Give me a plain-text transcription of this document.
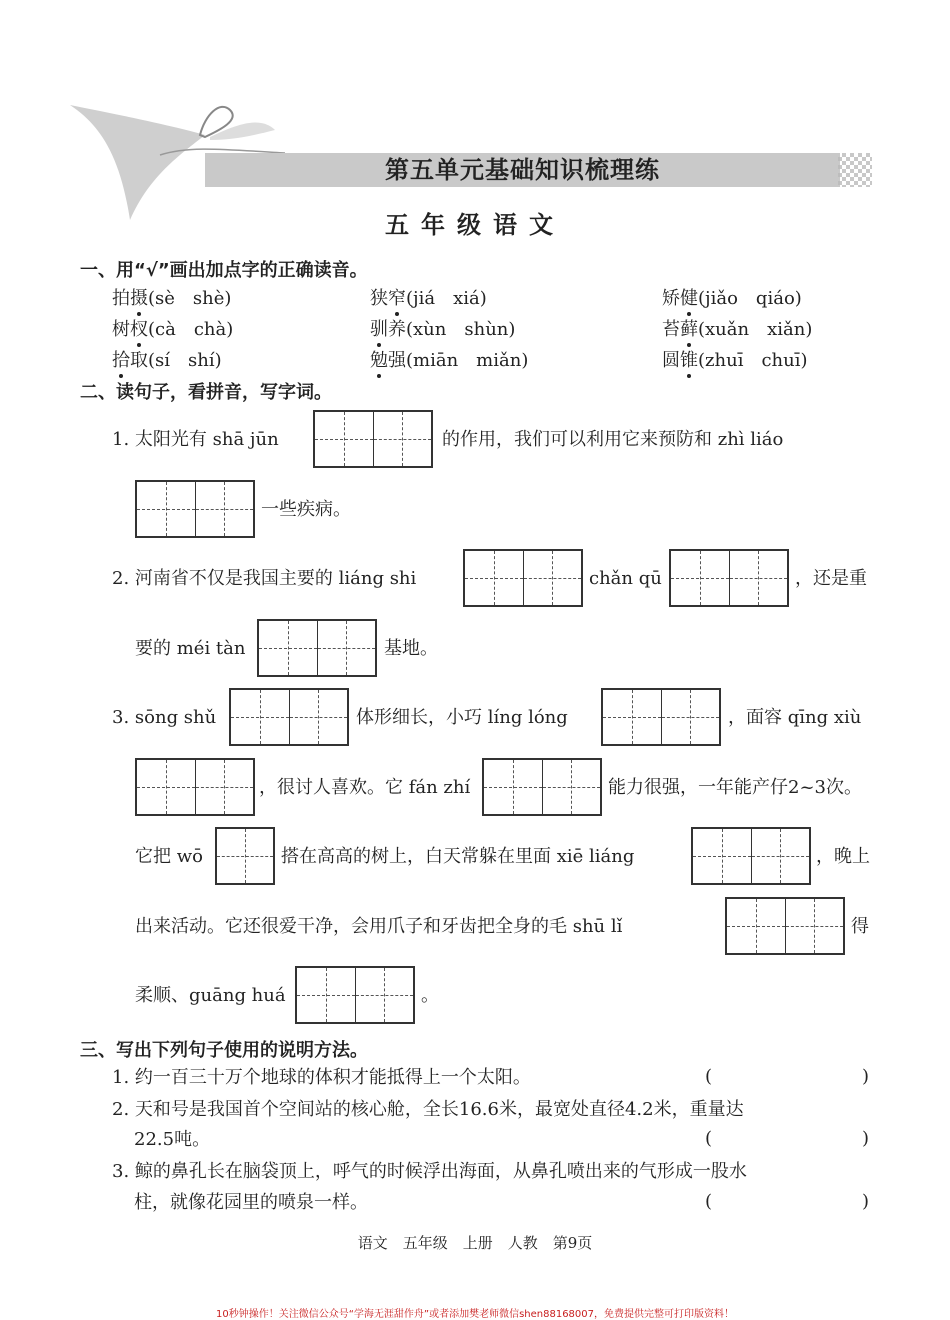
第五单元基础知识梳理练
五年级语文
一、用“√”画出加点字的正确读音。
拍摄(sè　shè)	狭窄(jiá　xiá)	矫健(jiǎo　qiáo)
树杈(cà　chà)	驯养(xùn　shùn)	苔藓(xuǎn　xiǎn)
拾取(sí　shí)	勉强(miān　miǎn)	圆锥(zhuī　chuī)
二、读句子，看拼音，写字词。
1. 太阳光有 shā jūn	的作用，我们可以利用它来预防和 zhì liáo
一些疾病。
2. 河南省不仅是我国主要的 liáng shi	chǎn qū	，还是重
要的 méi tàn	基地。
3. sōng shǔ	体形细长，小巧 líng lóng	，面容 qīng xiù
，很讨人喜欢。它 fán zhí	能力很强，一年能产仔2~3次。
它把 wō	搭在高高的树上，白天常躲在里面 xiē liáng	，晚上
出来活动。它还很爱干净，会用爪子和牙齿把全身的毛 shū lǐ	得
柔顺、guāng huá	。
三、写出下列句子使用的说明方法。
1. 约一百三十万个地球的体积才能抵得上一个太阳。	(	)
2. 天和号是我国首个空间站的核心舱，全长16.6米，最宽处直径4.2米，重量达
22.5吨。	(	)
3. 鲸的鼻孔长在脑袋顶上，呼气的时候浮出海面，从鼻孔喷出来的气形成一股水
柱，就像花园里的喷泉一样。	(	)
语文　五年级　上册　人教　第9页
10秒钟操作！关注微信公众号“学海无涯甜作舟”或者添加樊老师微信shen88168007，免费提供完整可打印版资料！
